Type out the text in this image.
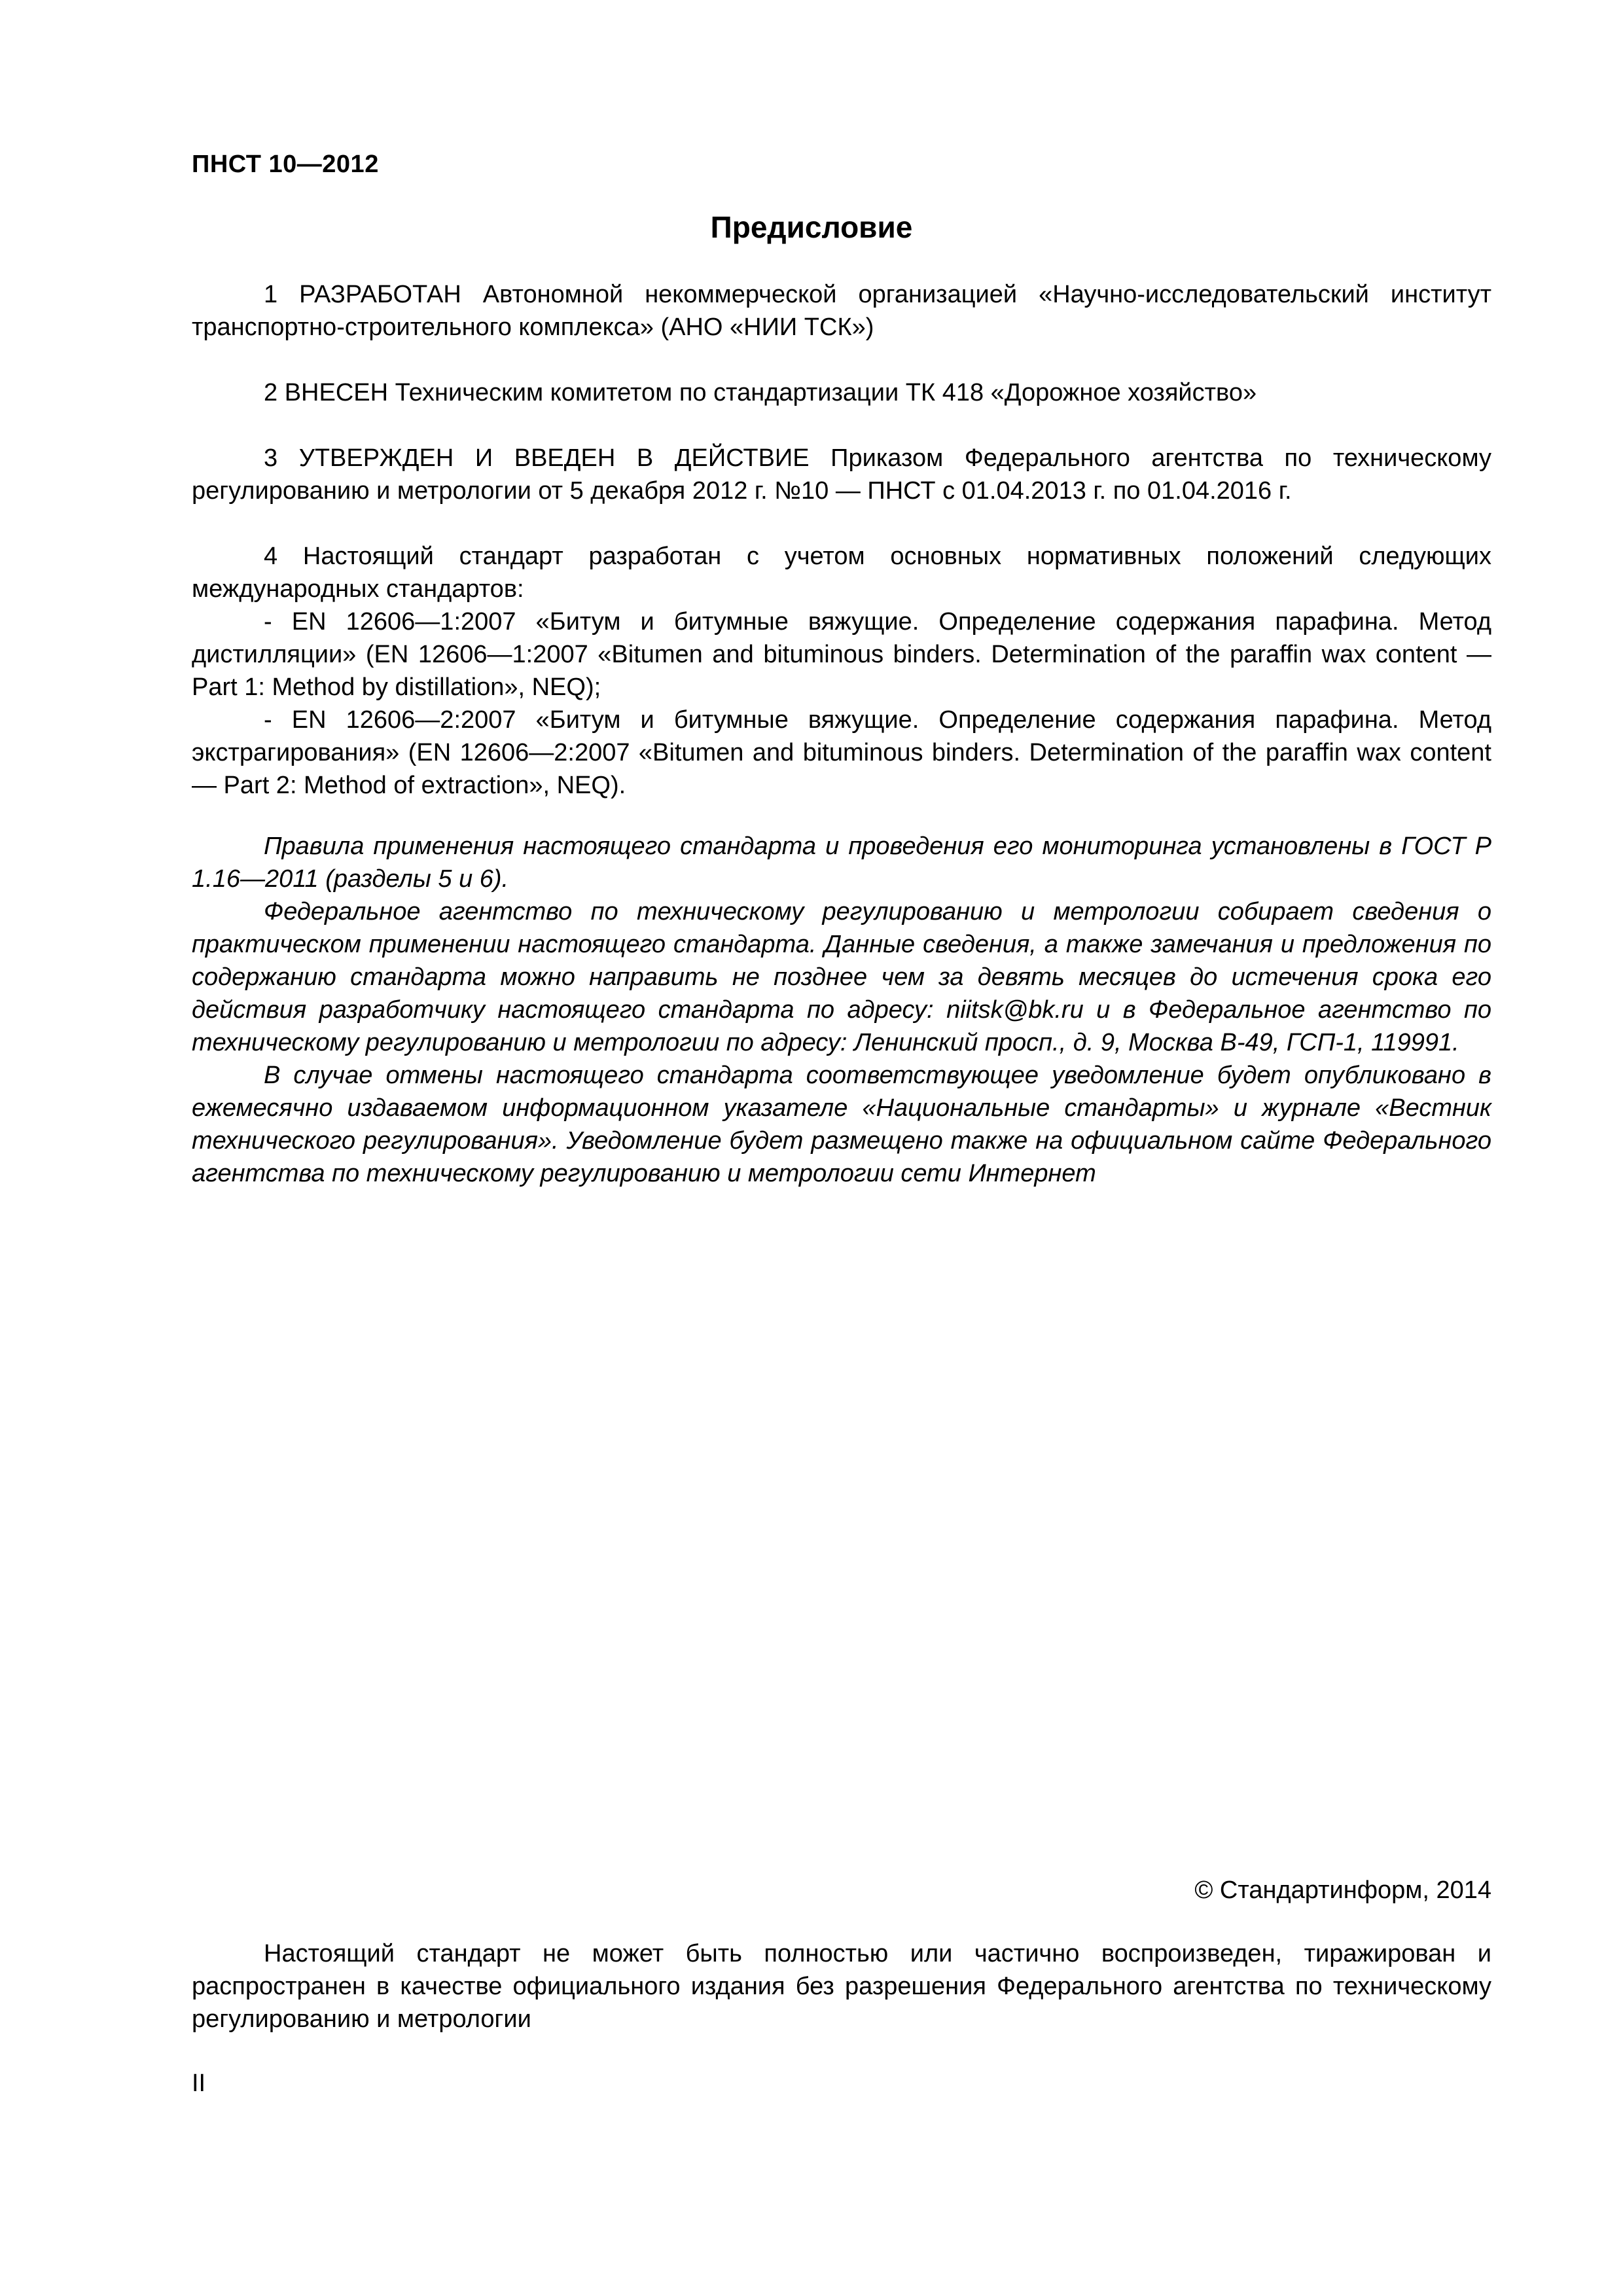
ПНСТ 10—2012
Предисловие

1 РАЗРАБОТАН Автономной некоммерческой организацией «Научно-исследовательский институт транспортно-строительного комплекса» (АНО «НИИ ТСК»)

2 ВНЕСЕН Техническим комитетом по стандартизации ТК 418 «Дорожное хозяйство»

3 УТВЕРЖДЕН И ВВЕДЕН В ДЕЙСТВИЕ Приказом Федерального агентства по техническому регулированию и метрологии от 5 декабря 2012 г. №10 — ПНСТ с 01.04.2013 г. по 01.04.2016 г.

4 Настоящий стандарт разработан с учетом основных нормативных положений следующих международных стандартов:

- EN 12606—1:2007 «Битум и битумные вяжущие. Определение содержания парафина. Метод дистилляции» (EN 12606—1:2007 «Bitumen and bituminous binders. Determination of the paraffin wax content — Part 1: Method by distillation», NEQ);

- EN 12606—2:2007 «Битум и битумные вяжущие. Определение содержания парафина. Метод экстрагирования» (EN 12606—2:2007 «Bitumen and bituminous binders. Determination of the paraffin wax content — Part 2: Method of extraction», NEQ).

Правила применения настоящего стандарта и проведения его мониторинга установлены в ГОСТ Р 1.16—2011 (разделы 5 и 6).

Федеральное агентство по техническому регулированию и метрологии собирает сведения о практическом применении настоящего стандарта. Данные сведения, а также замечания и предложения по содержанию стандарта можно направить не позднее чем за девять месяцев до истечения срока его действия разработчику настоящего стандарта по адресу: niitsk@bk.ru и в Федеральное агентство по техническому регулированию и метрологии по адресу: Ленинский просп., д. 9, Москва В-49, ГСП-1, 119991.

В случае отмены настоящего стандарта соответствующее уведомление будет опубликовано в ежемесячно издаваемом информационном указателе «Национальные стандарты» и журнале «Вестник технического регулирования». Уведомление будет размещено также на официальном сайте Федерального агентства по техническому регулированию и метрологии сети Интернет

© Стандартинформ, 2014

Настоящий стандарт не может быть полностью или частично воспроизведен, тиражирован и распространен в качестве официального издания без разрешения Федерального агентства по техническому регулированию и метрологии

II
